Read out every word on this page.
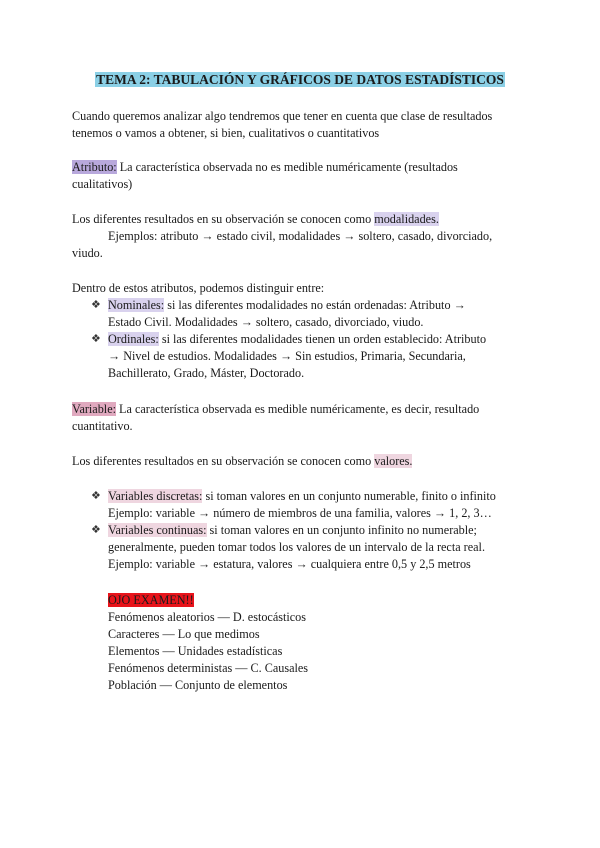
TEMA 2: TABULACIÓN Y GRÁFICOS DE DATOS ESTADÍSTICOS
Cuando queremos analizar algo tendremos que tener en cuenta que clase de resultados
tenemos o vamos a obtener, si bien, cualitativos o cuantitativos
Atributo: La característica observada no es medible numéricamente (resultados
cualitativos)
Los diferentes resultados en su observación se conocen como modalidades.
Ejemplos: atributo → estado civil, modalidades → soltero, casado, divorciado,
viudo.
Dentro de estos atributos, podemos distinguir entre:
❖ Nominales: si las diferentes modalidades no están ordenadas: Atributo →
Estado Civil. Modalidades → soltero, casado, divorciado, viudo.
❖ Ordinales: si las diferentes modalidades tienen un orden establecido: Atributo
→ Nivel de estudios. Modalidades → Sin estudios, Primaria, Secundaria,
Bachillerato, Grado, Máster, Doctorado.
Variable: La característica observada es medible numéricamente, es decir, resultado
cuantitativo.
Los diferentes resultados en su observación se conocen como valores.
❖ Variables discretas: si toman valores en un conjunto numerable, finito o infinito
Ejemplo: variable → número de miembros de una familia, valores → 1, 2, 3…
❖ Variables continuas: si toman valores en un conjunto infinito no numerable;
generalmente, pueden tomar todos los valores de un intervalo de la recta real.
Ejemplo: variable → estatura, valores → cualquiera entre 0,5 y 2,5 metros
OJO EXAMEN!!
Fenómenos aleatorios — D. estocásticos
Caracteres — Lo que medimos
Elementos — Unidades estadísticas
Fenómenos deterministas — C. Causales
Población — Conjunto de elementos
